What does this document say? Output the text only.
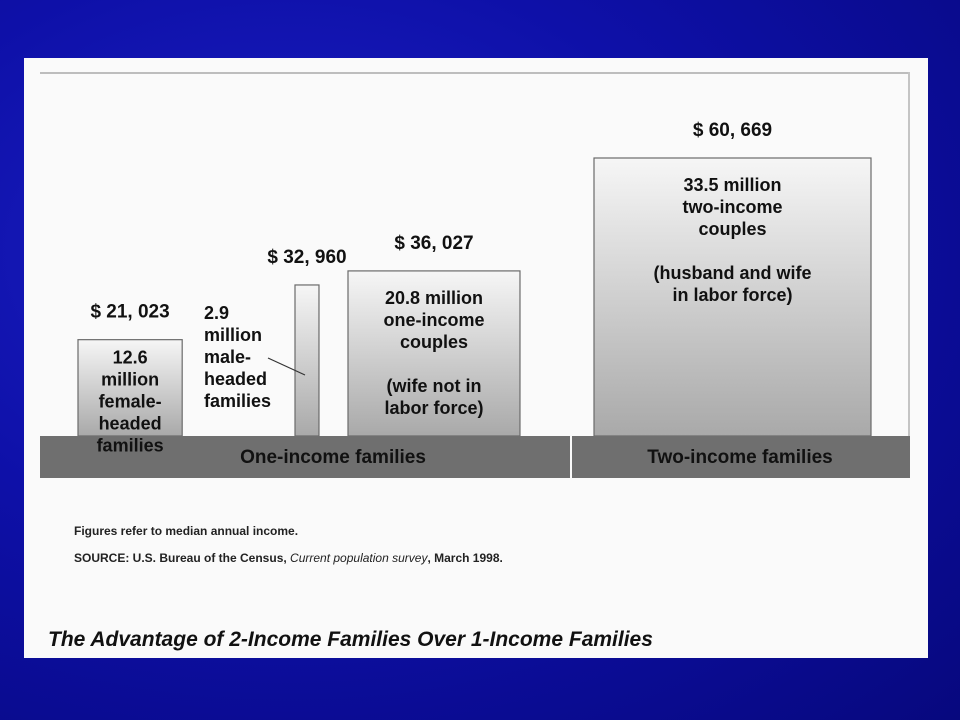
$ 21, 023
12.6
million
female-
headed
families
$ 32, 960
2.9
million
male-
headed
families
$ 36, 027
20.8 million
one-income
couples
(wife not in
labor force)
$ 60, 669
33.5 million
two-income
couples
(husband and wife
in labor force)
One-income families	Two-income families
Figures refer to median annual income.
SOURCE: U.S. Bureau of the Census, Current population survey, March 1998.
The Advantage of 2-Income Families Over 1-Income Families
